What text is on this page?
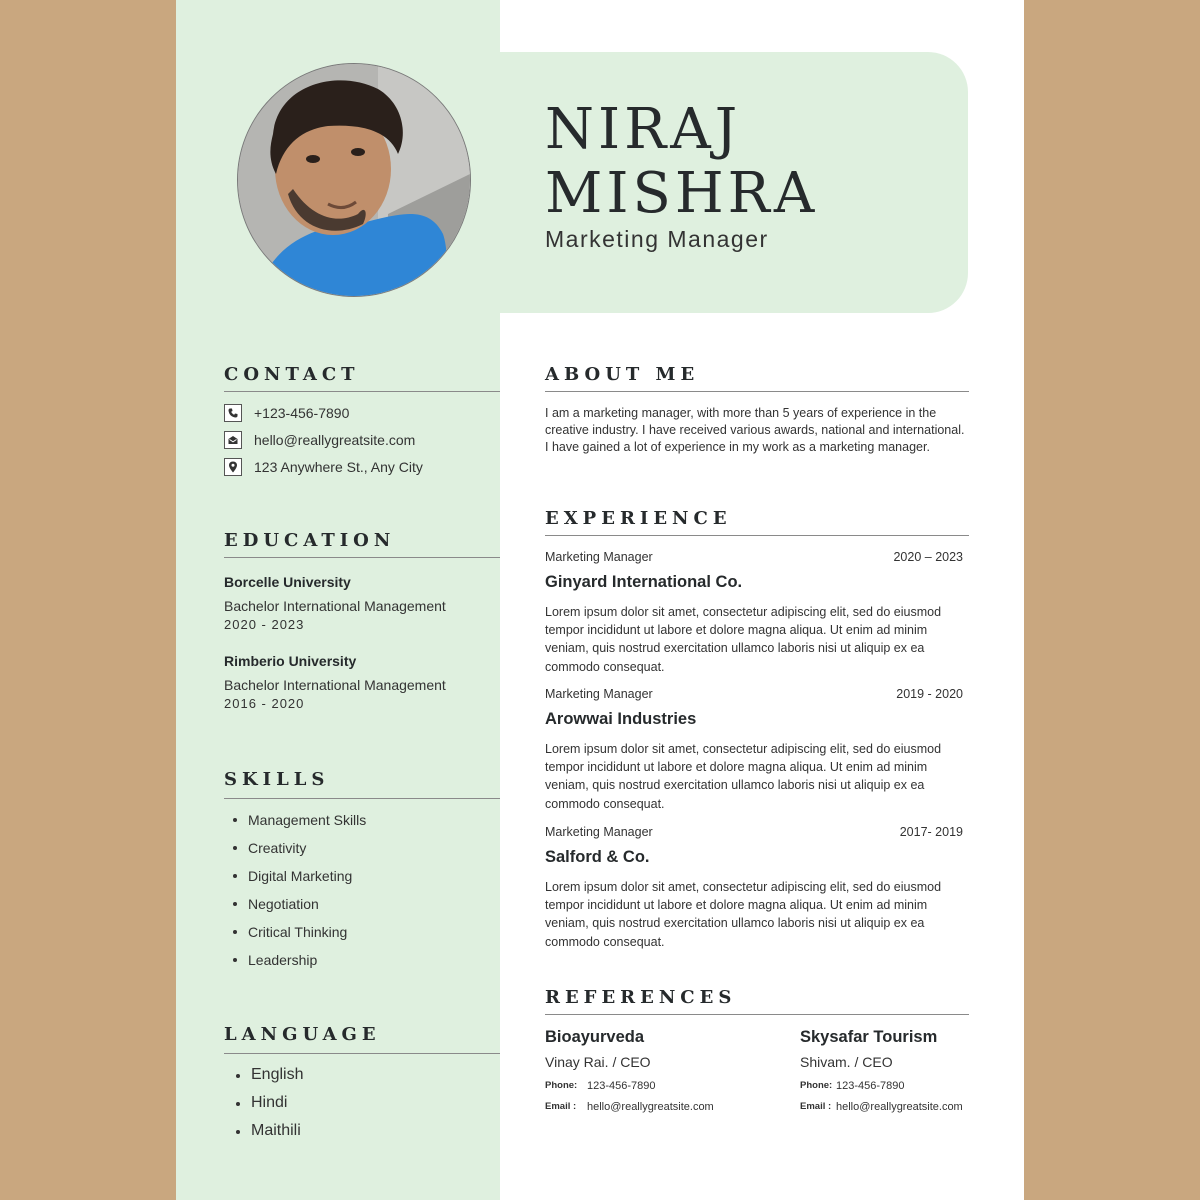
NIRAJ
MISHRA

Marketing Manager

CONTACT
+123-456-7890
hello@reallygreatsite.com
123 Anywhere St., Any City
EDUCATION
Borcelle University
Bachelor International Management
2020 - 2023
Rimberio University
Bachelor International Management
2016 - 2020
SKILLS
Management Skills
Creativity
Digital Marketing
Negotiation
Critical Thinking
Leadership
LANGUAGE
English
Hindi
Maithili
ABOUT ME

I am a marketing manager, with more than 5 years of experience in the creative industry. I have received various awards, national and international. I have gained a lot of experience in my work as a marketing manager.

EXPERIENCE
Marketing Manager	2020 – 2023
Ginyard International Co.
Lorem ipsum dolor sit amet, consectetur adipiscing elit, sed do eiusmod tempor incididunt ut labore et dolore magna aliqua. Ut enim ad minim veniam, quis nostrud exercitation ullamco laboris nisi ut aliquip ex ea commodo consequat.
Marketing Manager	2019 - 2020
Arowwai Industries
Lorem ipsum dolor sit amet, consectetur adipiscing elit, sed do eiusmod tempor incididunt ut labore et dolore magna aliqua. Ut enim ad minim veniam, quis nostrud exercitation ullamco laboris nisi ut aliquip ex ea commodo consequat.
Marketing Manager	2017- 2019
Salford & Co.
Lorem ipsum dolor sit amet, consectetur adipiscing elit, sed do eiusmod tempor incididunt ut labore et dolore magna aliqua. Ut enim ad minim veniam, quis nostrud exercitation ullamco laboris nisi ut aliquip ex ea commodo consequat.
REFERENCES
Bioayurveda
Vinay Rai. / CEO
Phone: 123-456-7890
Email : hello@reallygreatsite.com
Skysafar Tourism
Shivam. / CEO
Phone: 123-456-7890
Email : hello@reallygreatsite.com
